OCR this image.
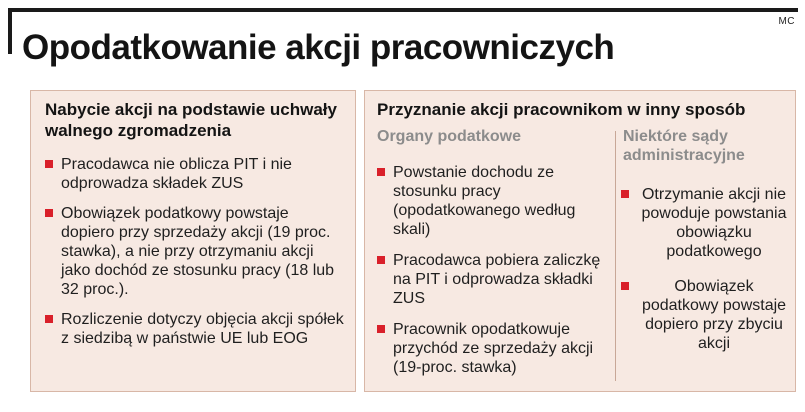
MC
Opodatkowanie akcji pracowniczych
Nabycie akcji na podstawie uchwały walnego zgromadzenia
Pracodawca nie oblicza PIT i nie odprowadza składek ZUS
Obowiązek podatkowy powstaje dopiero przy sprzedaży akcji (19 proc. stawka), a nie przy otrzymaniu akcji jako dochód ze stosunku pracy (18 lub 32 proc.).
Rozliczenie dotyczy objęcia akcji spółek z siedzibą w państwie UE lub EOG
Przyznanie akcji pracownikom w inny sposób
Organy podatkowe	Niektóre sądy administracyjne
Powstanie dochodu ze stosunku pracy (opodatkowanego według skali)
Pracodawca pobiera zaliczkę na PIT i odprowadza składki ZUS
Pracownik opodatkowuje przychód ze sprzedaży akcji (19-proc. stawka)
Otrzymanie akcji nie powoduje powstania obowiązku podatkowego
Obowiązek podatkowy powstaje dopiero przy zbyciu akcji
